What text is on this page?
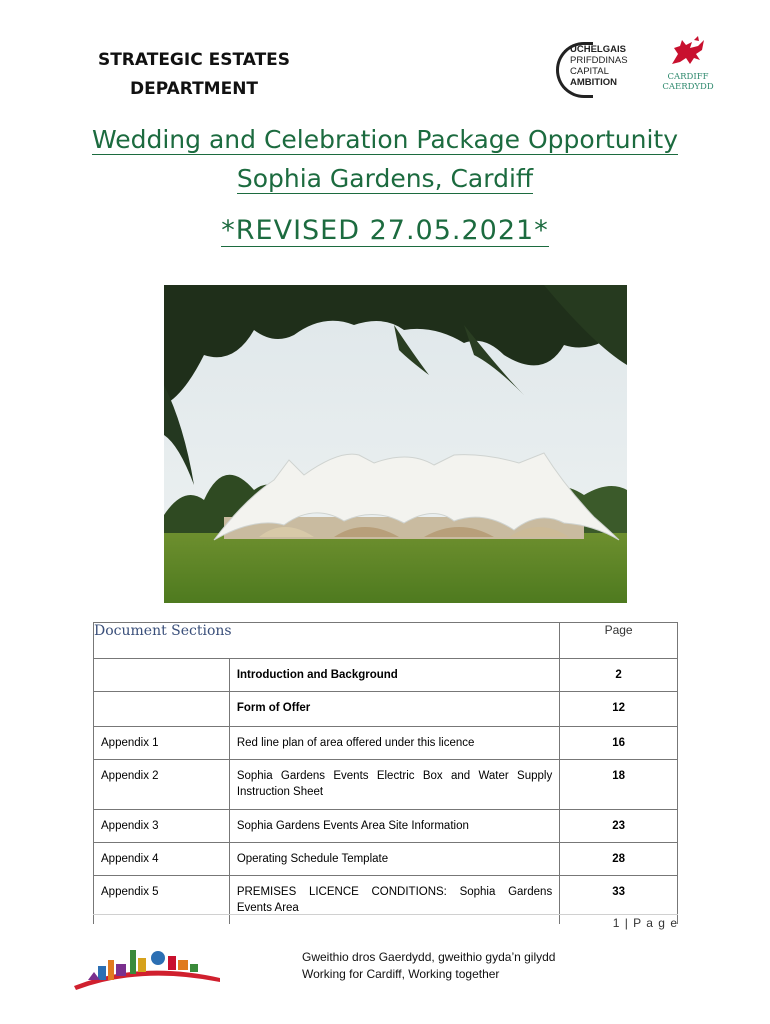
STRATEGIC ESTATES
DEPARTMENT
UCHELGAIS
PRIFDDINAS
CAPITAL
AMBITION	CARDIFF
CAERDYDD
Wedding and Celebration Package Opportunity
Sophia Gardens, Cardiff
*REVISED 27.05.2021*
Document Sections		Page

	Introduction and Background	2

	Form of Offer	12

Appendix 1	Red line plan of area offered under this licence	16

Appendix 2	Sophia Gardens Events Electric Box and Water Supply Instruction Sheet	18

Appendix 3	Sophia Gardens Events Area Site Information	23

Appendix 4	Operating Schedule Template	28

Appendix 5	PREMISES LICENCE CONDITIONS: Sophia Gardens Events Area	33
1 | P a g e
Gweithio dros Gaerdydd, gweithio gyda’n gilydd
Working for Cardiff, Working together
